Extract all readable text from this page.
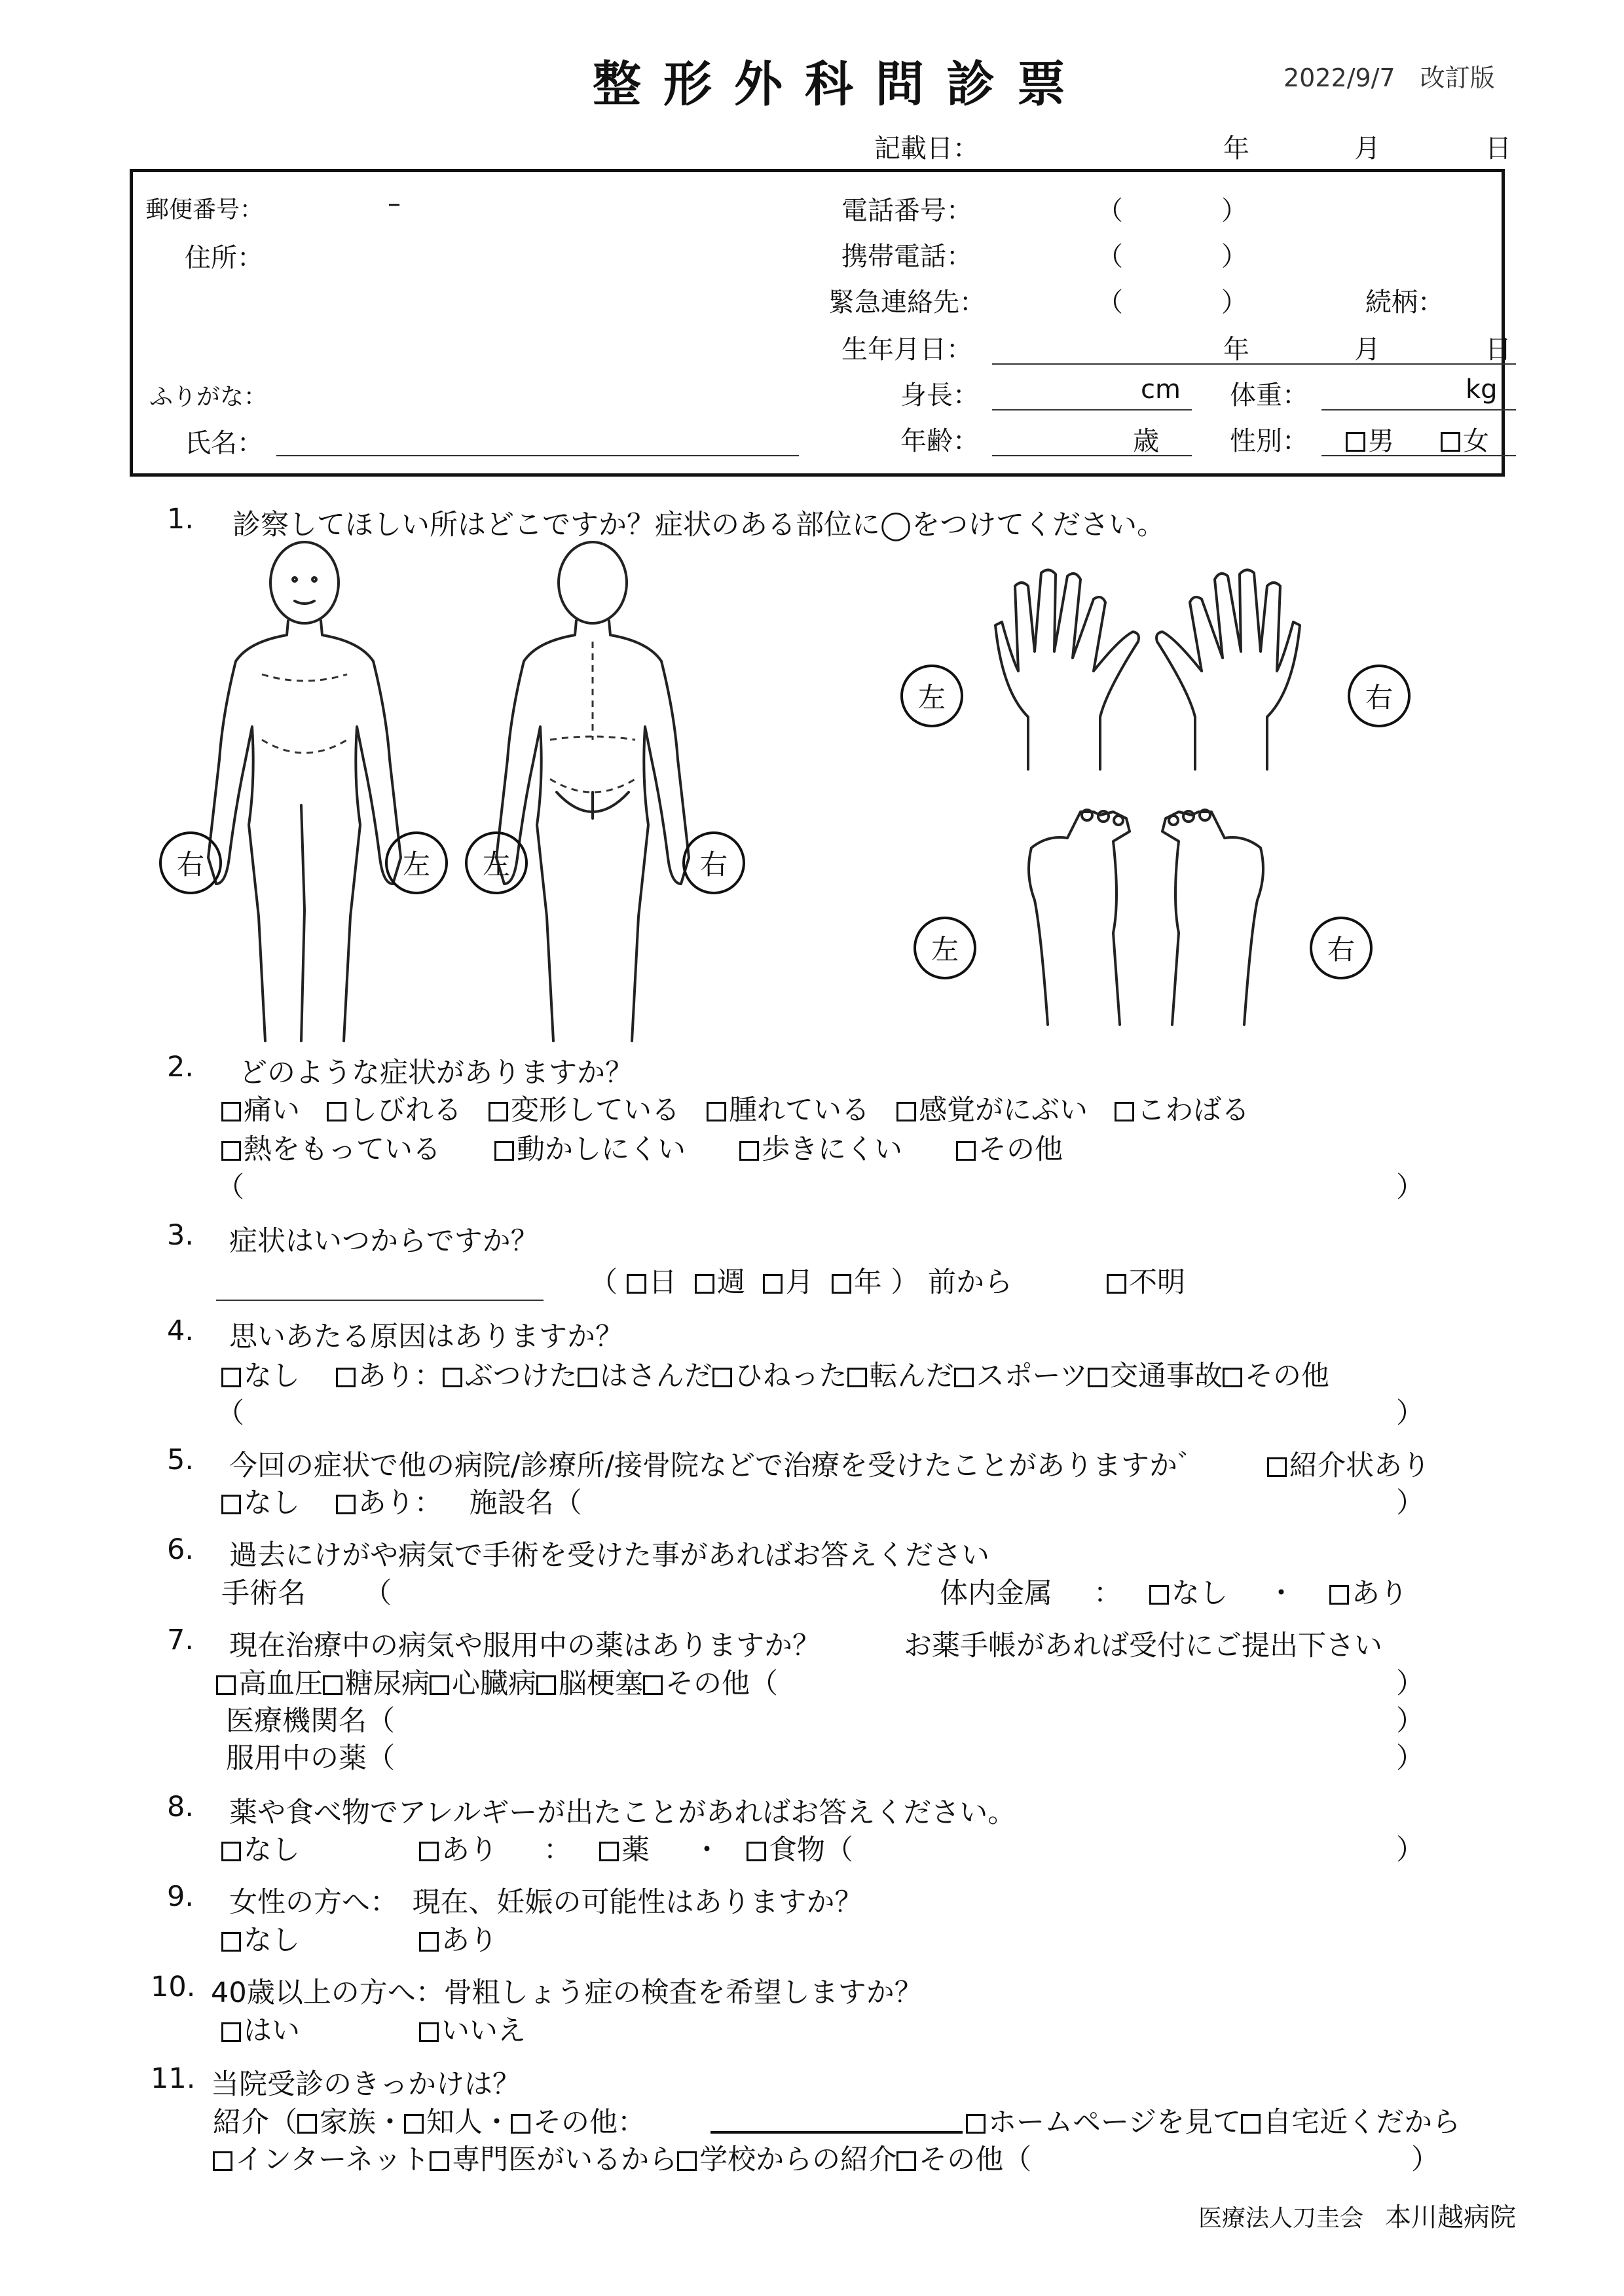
整形外科問診票	2022/9/7　改訂版
記載日：	年	月	日
郵便番号：	–
住所：
電話番号：	（	）
携帯電話：	（	）
緊急連絡先：	（	）	続柄：
生年月日：	年	月	日
ふりがな：
氏名：
身長：	cm 体重：	kg
年齢：	歳	性別：	男	女
1. 診察してほしい所はどこですか？症状のある部位に◯をつけてください。
右	左 左	右
左	右
左	右
2. どのような症状がありますか？
痛い しびれる 変形している 腫れている 感覚がにぶい こわばる
熱をもっている	動かしにくい	歩きにくい	その他
（	）
3. 症状はいつからですか？
（ 日 週 月 年 ） 前から	不明
4. 思いあたる原因はありますか？
なし あり： ぶつけた はさんだ ひねった 転んだ スポーツ 交通事故 その他
（	）
5. 今回の症状で他の病院/診療所/接骨院などで治療を受けたことがありますか゛	紹介状あり
なし あり： 施設名（	）
6. 過去にけがや病気で手術を受けた事があればお答えください
手術名 （	体内金属 ：	なし ・	あり
7. 現在治療中の病気や服用中の薬はありますか？	お薬手帳があれば受付にご提出下さい
高血圧 糖尿病 心臓病 脳梗塞 その他（	）
医療機関名（	）
服用中の薬（	）
8. 薬や食べ物でアレルギーが出たことがあればお答えください。
なし	あり ：	薬 ・	食物（	）
9. 女性の方へ：　現在、妊娠の可能性はありますか？
なし	あり
10. 40歳以上の方へ：骨粗しょう症の検査を希望しますか？
はい	いいえ
11. 当院受診のきっかけは？
紹介（ 家族・ 知人・ その他：	ホームページを見て 自宅近くだから
インターネット 専門医がいるから 学校からの紹介 その他（	）
医療法人刀圭会 本川越病院
